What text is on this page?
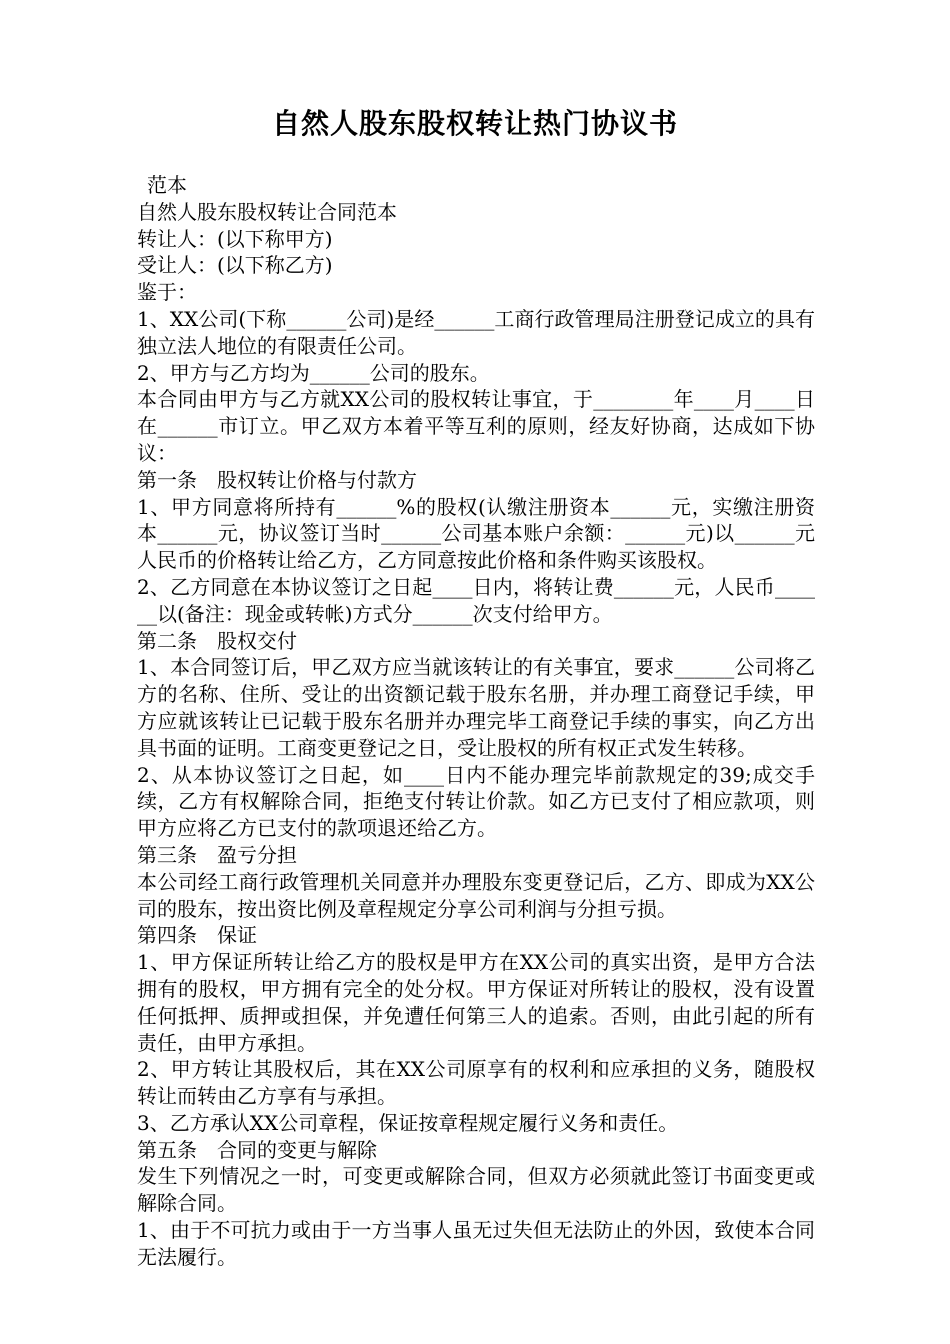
自然人股东股权转让热门协议书

范本

自然人股东股权转让合同范本

转让人：(以下称甲方)

受让人：(以下称乙方)

鉴于：

1、XX公司(下称______公司)是经______工商行政管理局注册登记成立的具有独立法人地位的有限责任公司。

2、甲方与乙方均为______公司的股东。

本合同由甲方与乙方就XX公司的股权转让事宜，于________年____月____日在______市订立。甲乙双方本着平等互利的原则，经友好协商，达成如下协议：

第一条　股权转让价格与付款方

1、甲方同意将所持有______%的股权(认缴注册资本______元，实缴注册资本______元，协议签订当时______公司基本账户余额：______元)以______元人民币的价格转让给乙方，乙方同意按此价格和条件购买该股权。

2、乙方同意在本协议签订之日起____日内，将转让费______元，人民币______以(备注：现金或转帐)方式分______次支付给甲方。

第二条　股权交付

1、本合同签订后，甲乙双方应当就该转让的有关事宜，要求______公司将乙方的名称、住所、受让的出资额记载于股东名册，并办理工商登记手续，甲方应就该转让已记载于股东名册并办理完毕工商登记手续的事实，向乙方出具书面的证明。工商变更登记之日，受让股权的所有权正式发生转移。

2、从本协议签订之日起，如____日内不能办理完毕前款规定的39;成交手续，乙方有权解除合同，拒绝支付转让价款。如乙方已支付了相应款项，则甲方应将乙方已支付的款项退还给乙方。

第三条　盈亏分担

本公司经工商行政管理机关同意并办理股东变更登记后，乙方、即成为XX公司的股东，按出资比例及章程规定分享公司利润与分担亏损。

第四条　保证

1、甲方保证所转让给乙方的股权是甲方在XX公司的真实出资，是甲方合法拥有的股权，甲方拥有完全的处分权。甲方保证对所转让的股权，没有设置任何抵押、质押或担保，并免遭任何第三人的追索。否则，由此引起的所有责任，由甲方承担。

2、甲方转让其股权后，其在XX公司原享有的权利和应承担的义务，随股权转让而转由乙方享有与承担。

3、乙方承认XX公司章程，保证按章程规定履行义务和责任。

第五条　合同的变更与解除

发生下列情况之一时，可变更或解除合同，但双方必须就此签订书面变更或解除合同。

1、由于不可抗力或由于一方当事人虽无过失但无法防止的外因，致使本合同无法履行。
